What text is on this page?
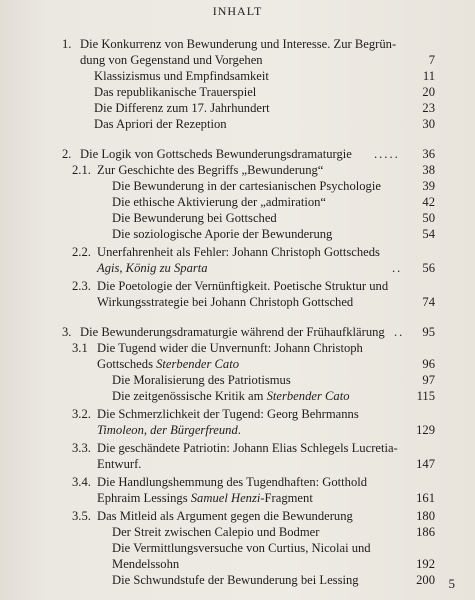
INHALT
1. Die Konkurrenz von Bewunderung und Interesse. Zur Begrün-
dung von Gegenstand und Vorgehen	7
Klassizismus und Empfindsamkeit	11
Das republikanische Trauerspiel	20
Die Differenz zum 17. Jahrhundert	23
Das Apriori der Rezeption	30
2. Die Logik von Gottscheds Bewunderungsdramaturgie .....	36
2.1. Zur Geschichte des Begriffs „Bewunderung“	38
Die Bewunderung in der cartesianischen Psychologie	39
Die ethische Aktivierung der „admiration“	42
Die Bewunderung bei Gottsched	50
Die soziologische Aporie der Bewunderung	54
2.2. Unerfahrenheit als Fehler: Johann Christoph Gottscheds
Agis, König zu Sparta	..	56
2.3. Die Poetologie der Vernünftigkeit. Poetische Struktur und
Wirkungsstrategie bei Johann Christoph Gottsched	74
3. Die Bewunderungsdramaturgie während der Frühaufklärung ..	95
3.1 Die Tugend wider die Unvernunft: Johann Christoph
Gottscheds Sterbender Cato	96
Die Moralisierung des Patriotismus	97
Die zeitgenössische Kritik am Sterbender Cato	115
3.2. Die Schmerzlichkeit der Tugend: Georg Behrmanns
Timoleon, der Bürgerfreund.	129
3.3. Die geschändete Patriotin: Johann Elias Schlegels Lucretia-
Entwurf.	147
3.4. Die Handlungshemmung des Tugendhaften: Gotthold
Ephraim Lessings Samuel Henzi-Fragment	161
3.5. Das Mitleid als Argument gegen die Bewunderung	180
Der Streit zwischen Calepio und Bodmer	186
Die Vermittlungsversuche von Curtius, Nicolai und
Mendelssohn	192
Die Schwundstufe der Bewunderung bei Lessing	200 5
